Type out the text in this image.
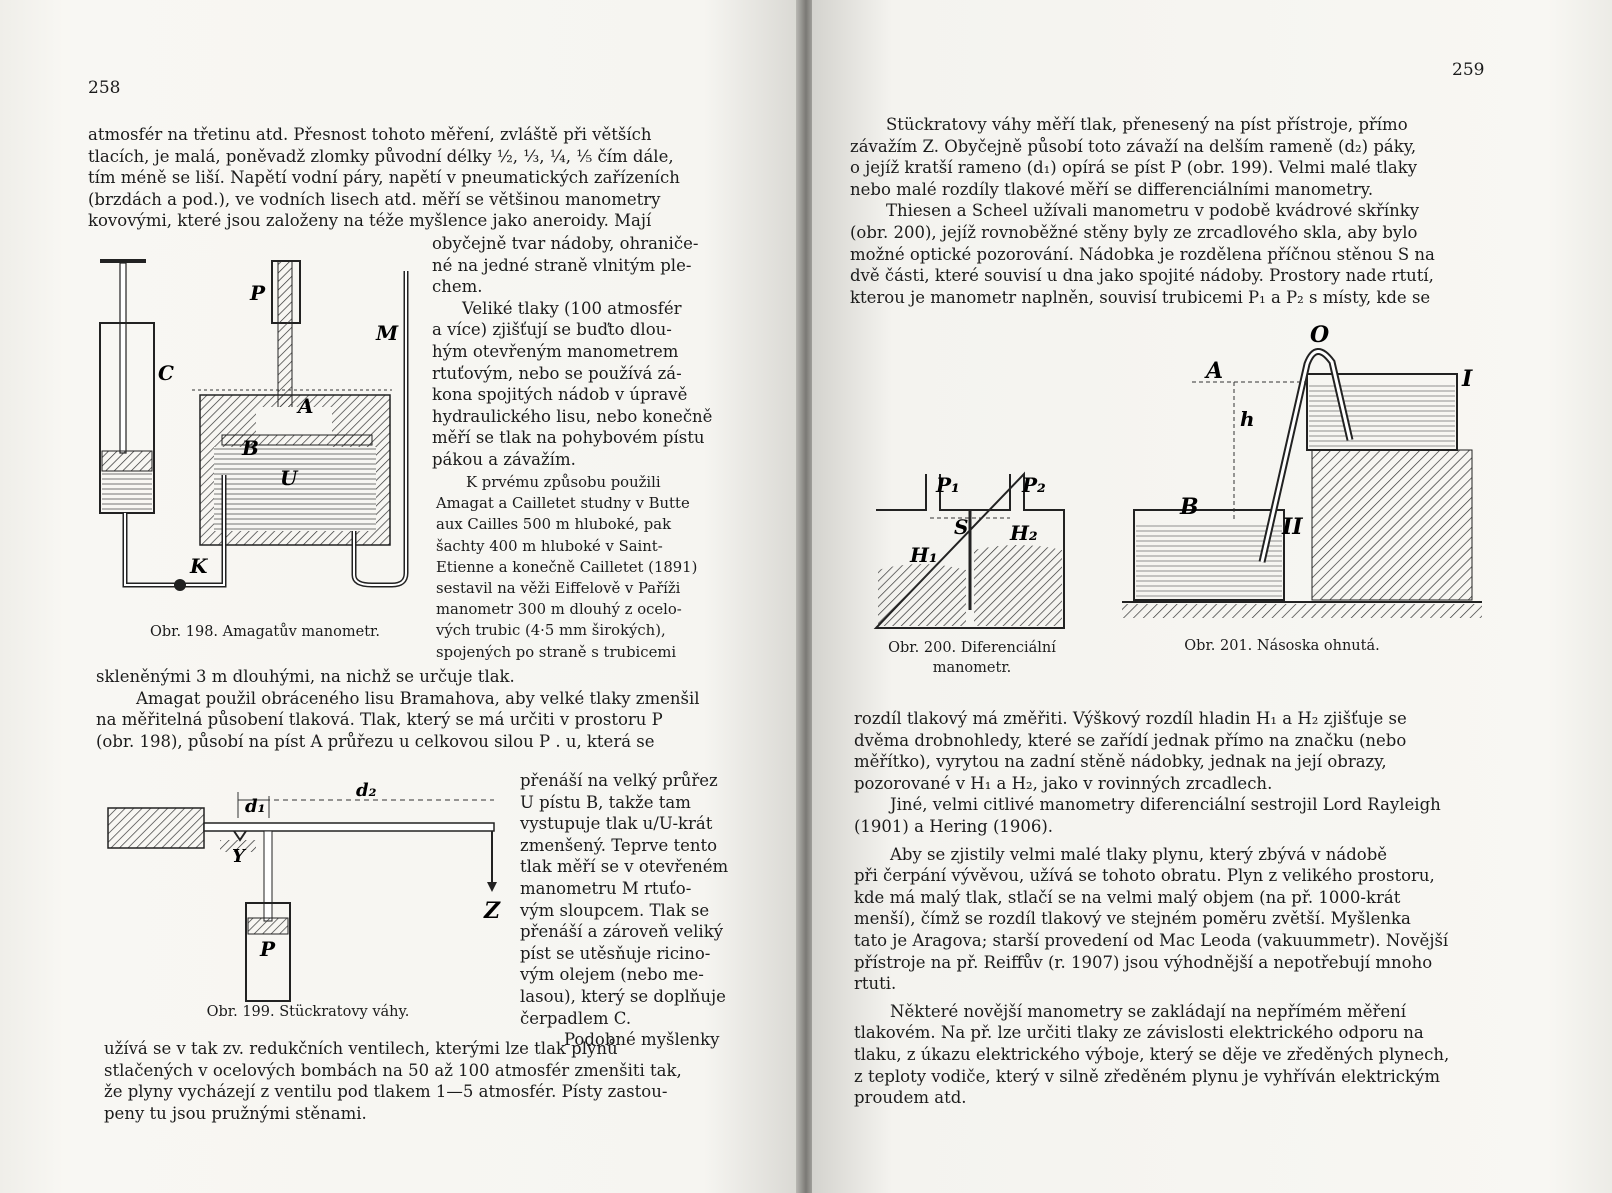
258

atmosfér na třetinu atd. Přesnost tohoto měření, zvláště při větších

tlacích, je malá, poněvadž zlomky původní délky ½, ⅓, ¼, ⅕ čím dále,

tím méně se liší. Napětí vodní páry, napětí v pneumatických zařízeních

(brzdách a pod.), ve vodních lisech atd. měří se většinou manometry

kovovými, které jsou založeny na téže myšlence jako aneroidy. Mají

C
P
A
B
U
K
M
Obr. 198. Amagatův manometr.

obyčejně tvar nádoby, ohraniče-

né na jedné straně vlnitým ple-

chem.

Veliké tlaky (100 atmosfér

a více) zjišťují se buďto dlou-

hým otevřeným manometrem

rtuťovým, nebo se používá zá-

kona spojitých nádob v úpravě

hydraulického lisu, nebo konečně

měří se tlak na pohybovém pístu

pákou a závažím.

K prvému způsobu použili

Amagat a Cailletet studny v Butte

aux Cailles 500 m hluboké, pak

šachty 400 m hluboké v Saint-

Etienne a konečně Cailletet (1891)

sestavil na věži Eiffelově v Paříži

manometr 300 m dlouhý z ocelo-

vých trubic (4·5 mm širokých),

spojených po straně s trubicemi

skleněnými 3 m dlouhými, na nichž se určuje tlak.

Amagat použil obráceného lisu Bramahova, aby velké tlaky zmenšil

na měřitelná působení tlaková. Tlak, který se má určiti v prostoru P

(obr. 198), působí na píst A průřezu u celkovou silou P . u, která se

d₁
d₂
Y
Z
P
Obr. 199. Stückratovy váhy.

přenáší na velký průřez

U pístu B, takže tam

vystupuje tlak u/U-krát

zmenšený. Teprve tento

tlak měří se v otevřeném

manometru M rtuťo-

vým sloupcem. Tlak se

přenáší a zároveň veliký

píst se utěsňuje ricino-

vým olejem (nebo me-

lasou), který se doplňuje

čerpadlem C.

Podobné myšlenky

užívá se v tak zv. redukčních ventilech, kterými lze tlak plynů

stlačených v ocelových bombách na 50 až 100 atmosfér zmenšiti tak,

že plyny vycházejí z ventilu pod tlakem 1—5 atmosfér. Písty zastou-

peny tu jsou pružnými stěnami.

259

Stückratovy váhy měří tlak, přenesený na píst přístroje, přímo

závažím Z. Obyčejně působí toto závaží na delším rameně (d₂) páky,

o jejíž kratší rameno (d₁) opírá se píst P (obr. 199). Velmi malé tlaky

nebo malé rozdíly tlakové měří se differenciálními manometry.

Thiesen a Scheel užívali manometru v podobě kvádrové skřínky

(obr. 200), jejíž rovnoběžné stěny byly ze zrcadlového skla, aby bylo

možné optické pozorování. Nádobka je rozdělena příčnou stěnou S na

dvě části, které souvisí u dna jako spojité nádoby. Prostory nade rtutí,

kterou je manometr naplněn, souvisí trubicemi P₁ a P₂ s místy, kde se

P₁	P₂
S H₂
H₁
Obr. 200. Diferenciální
manometr.
O
A	I
h
B
II
Obr. 201. Násoska ohnutá.

rozdíl tlakový má změřiti. Výškový rozdíl hladin H₁ a H₂ zjišťuje se

dvěma drobnohledy, které se zařídí jednak přímo na značku (nebo

měřítko), vyrytou na zadní stěně nádobky, jednak na její obrazy,

pozorované v H₁ a H₂, jako v rovinných zrcadlech.

Jiné, velmi citlivé manometry diferenciální sestrojil Lord Rayleigh

(1901) a Hering (1906).

Aby se zjistily velmi malé tlaky plynu, který zbývá v nádobě

při čerpání vývěvou, užívá se tohoto obratu. Plyn z velikého prostoru,

kde má malý tlak, stlačí se na velmi malý objem (na př. 1000-krát

menší), čímž se rozdíl tlakový ve stejném poměru zvětší. Myšlenka

tato je Aragova; starší provedení od Mac Leoda (vakuummetr). Novější

přístroje na př. Reiffův (r. 1907) jsou výhodnější a nepotřebují mnoho

rtuti.

Některé novější manometry se zakládají na nepřímém měření

tlakovém. Na př. lze určiti tlaky ze závislosti elektrického odporu na

tlaku, z úkazu elektrického výboje, který se děje ve zředěných plynech,

z teploty vodiče, který v silně zředěném plynu je vyhříván elektrickým

proudem atd.
